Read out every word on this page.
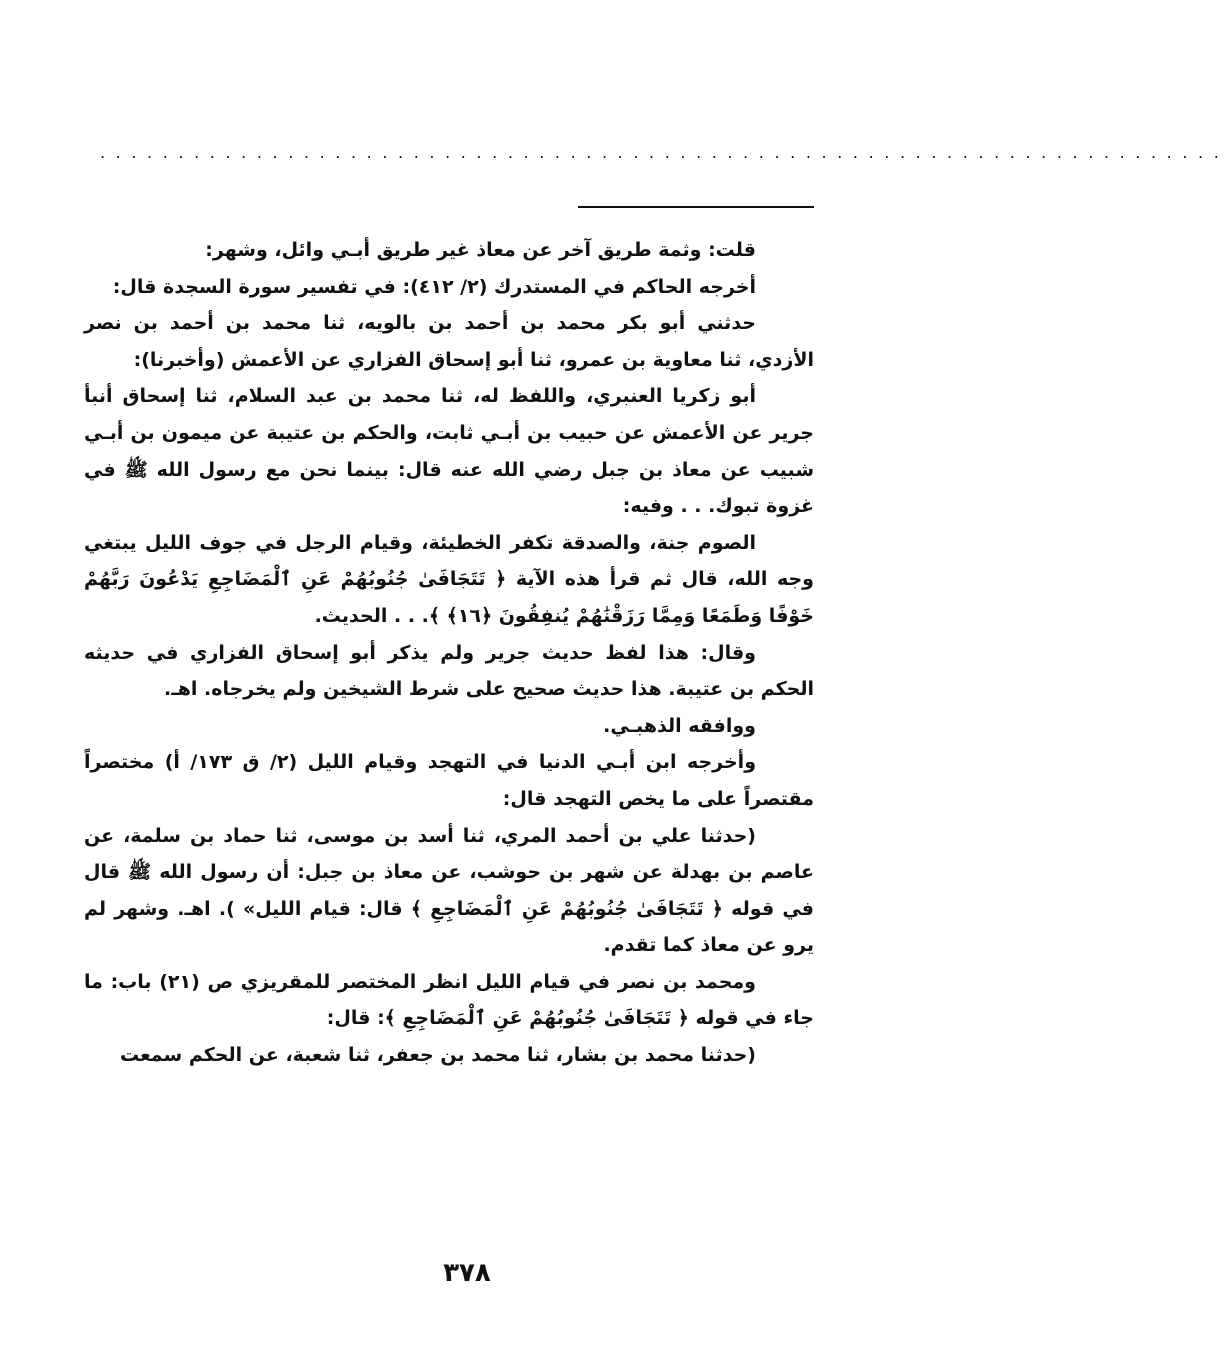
........................................................................
قلت: وثمة طريق آخر عن معاذ غير طريق أبـي وائل، وشهر:
أخرجه الحاكم في المستدرك (٢/ ٤١٢): في تفسير سورة السجدة قال:
حدثني أبو بكر محمد بن أحمد بن بالويه، ثنا محمد بن أحمد بن نصر الأزدي، ثنا معاوية بن عمرو، ثنا أبو إسحاق الفزاري عن الأعمش (وأخبرنا):
أبو زكريا العنبري، واللفظ له، ثنا محمد بن عبد السلام، ثنا إسحاق أنبأ جرير عن الأعمش عن حبيب بن أبـي ثابت، والحكم بن عتيبة عن ميمون بن أبـي شبيب عن معاذ بن جبل رضي الله عنه قال: بينما نحن مع رسول الله ﷺ في غزوة تبوك. . . وفيه:
الصوم جنة، والصدقة تكفر الخطيئة، وقيام الرجل في جوف الليل يبتغي وجه الله، قال ثم قرأ هذه الآية ﴿ تَتَجَافَىٰ جُنُوبُهُمْ عَنِ ٱلْمَضَاجِعِ يَدْعُونَ رَبَّهُمْ خَوْفًا وَطَمَعًا وَمِمَّا رَزَقْنَٰهُمْ يُنفِقُونَ ﴿١٦﴾ ﴾. . . الحديث.
وقال: هذا لفظ حديث جرير ولم يذكر أبو إسحاق الفزاري في حديثه الحكم بن عتيبة. هذا حديث صحيح على شرط الشيخين ولم يخرجاه. اهـ.
ووافقه الذهبـي.
وأخرجه ابن أبـي الدنيا في التهجد وقيام الليل (٢/ ق ١٧٣/ أ) مختصراً مقتصراً على ما يخص التهجد قال:
(حدثنا علي بن أحمد المري، ثنا أسد بن موسى، ثنا حماد بن سلمة، عن عاصم بن بهدلة عن شهر بن حوشب، عن معاذ بن جبل: أن رسول الله ﷺ قال في قوله ﴿ تَتَجَافَىٰ جُنُوبُهُمْ عَنِ ٱلْمَضَاجِعِ ﴾ قال: قيام الليل» ). اهـ. وشهر لم يرو عن معاذ كما تقدم.
ومحمد بن نصر في قيام الليل انظر المختصر للمقريزي ص (٢١) باب: ما جاء في قوله ﴿ تَتَجَافَىٰ جُنُوبُهُمْ عَنِ ٱلْمَضَاجِعِ ﴾: قال:
(حدثنا محمد بن بشار، ثنا محمد بن جعفر، ثنا شعبة، عن الحكم سمعت
٣٧٨
